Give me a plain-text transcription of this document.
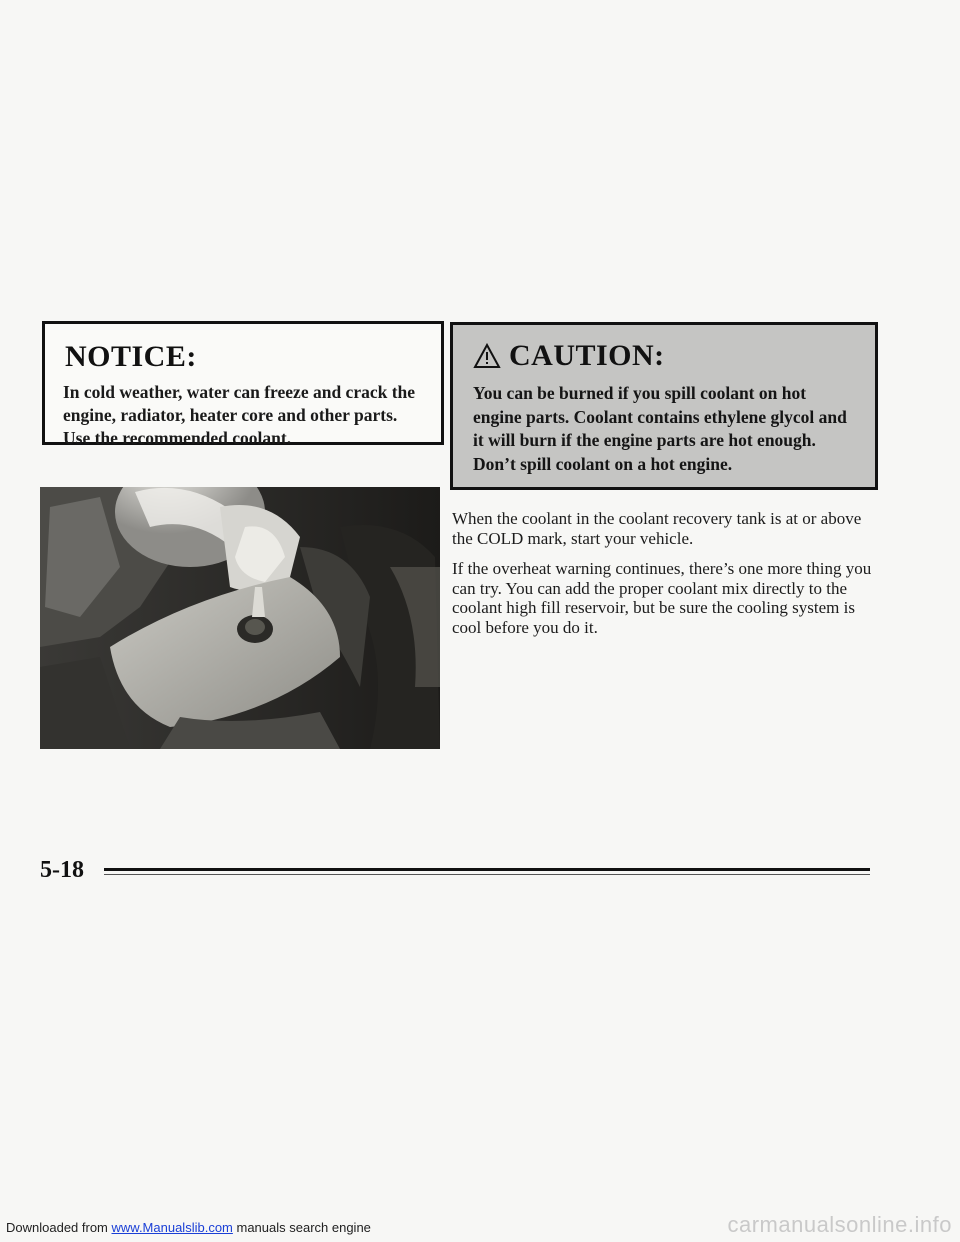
NOTICE:
In cold weather, water can freeze and crack the engine, radiator, heater core and other parts. Use the recommended coolant.
CAUTION:
You can be burned if you spill coolant on hot engine parts. Coolant contains ethylene glycol and it will burn if the engine parts are hot enough. Don’t spill coolant on a hot engine.

When the coolant in the coolant recovery tank is at or above the COLD mark, start your vehicle.

If the overheat warning continues, there’s one more thing you can try. You can add the proper coolant mix directly to the coolant high fill reservoir, but be sure the cooling system is cool before you do it.

5-18
Downloaded from www.Manualslib.com manuals search engine	carmanualsonline.info
